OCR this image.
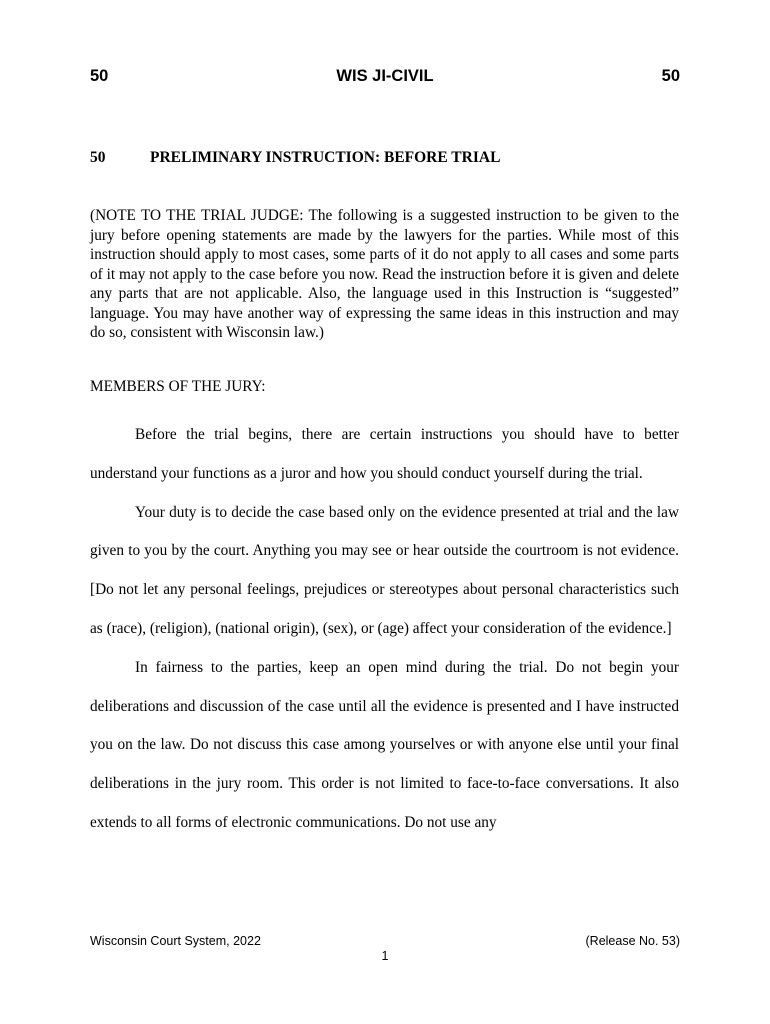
50	WIS JI-CIVIL	50
50	PRELIMINARY INSTRUCTION: BEFORE TRIAL
(NOTE TO THE TRIAL JUDGE: The following is a suggested instruction to be given to the jury before opening statements are made by the lawyers for the parties. While most of this instruction should apply to most cases, some parts of it do not apply to all cases and some parts of it may not apply to the case before you now. Read the instruction before it is given and delete any parts that are not applicable. Also, the language used in this Instruction is “suggested” language. You may have another way of expressing the same ideas in this instruction and may do so, consistent with Wisconsin law.)
MEMBERS OF THE JURY:

Before the trial begins, there are certain instructions you should have to better understand your functions as a juror and how you should conduct yourself during the trial.

Your duty is to decide the case based only on the evidence presented at trial and the law given to you by the court. Anything you may see or hear outside the courtroom is not evidence. [Do not let any personal feelings, prejudices or stereotypes about personal characteristics such as (race), (religion), (national origin), (sex), or (age) affect your consideration of the evidence.]

In fairness to the parties, keep an open mind during the trial. Do not begin your deliberations and discussion of the case until all the evidence is presented and I have instructed you on the law. Do not discuss this case among yourselves or with anyone else until your final deliberations in the jury room. This order is not limited to face-to-face conversations. It also extends to all forms of electronic communications. Do not use any

Wisconsin Court System, 2022	(Release No. 53)
1
